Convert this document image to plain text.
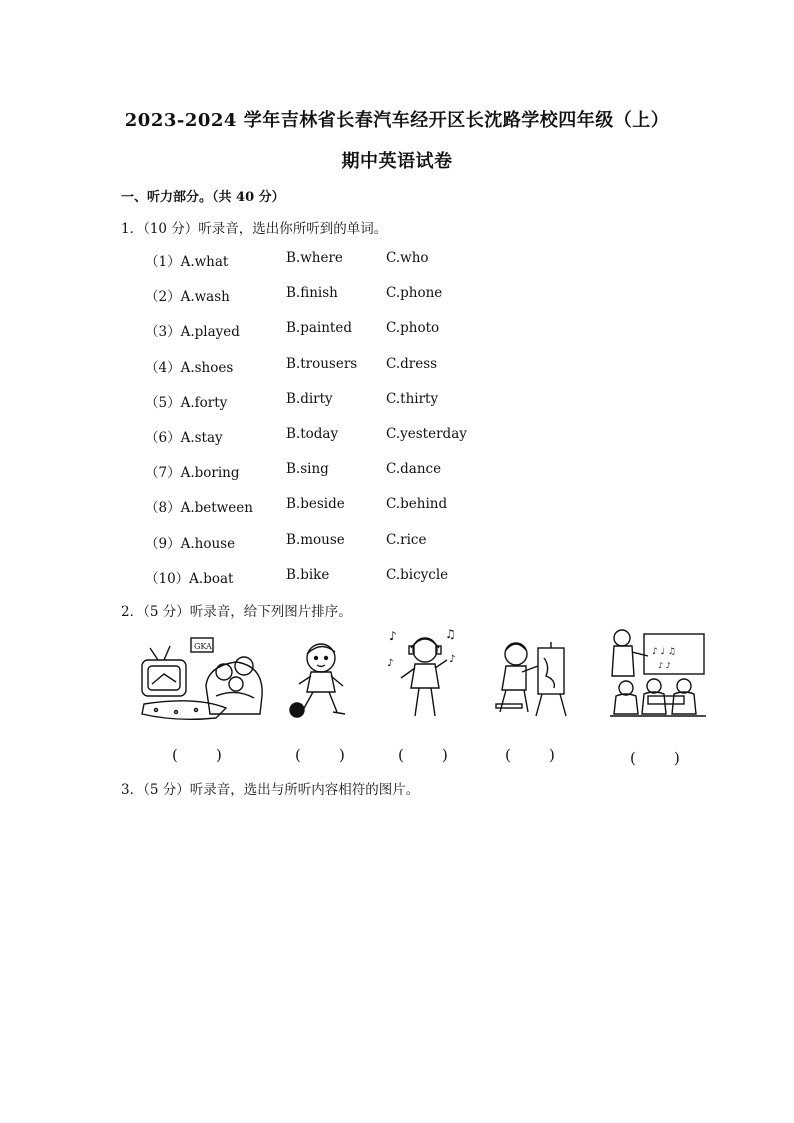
2023-2024 学年吉林省长春汽车经开区长沈路学校四年级（上）
期中英语试卷
一、听力部分。（共 40 分）
1．（10 分）听录音，选出你所听到的单词。
（1）A.what	B.where	C.who
（2）A.wash	B.finish	C.phone
（3）A.played	B.painted	C.photo
（4）A.shoes	B.trousers C.dress
（5）A.forty	B.dirty	C.thirty
（6）A.stay	B.today	C.yesterday
（7）A.boring	B.sing	C.dance
（8）A.between B.beside	C.behind
（9）A.house	B.mouse	C.rice
（10）A.boat	B.bike	C.bicycle
2．（5 分）听录音，给下列图片排序。
GKA
♪	♫
♪	♪
♪ ♩ ♫
♪ ♪
(        )	(        )	(        )	(        )	(        )
3．（5 分）听录音，选出与所听内容相符的图片。
